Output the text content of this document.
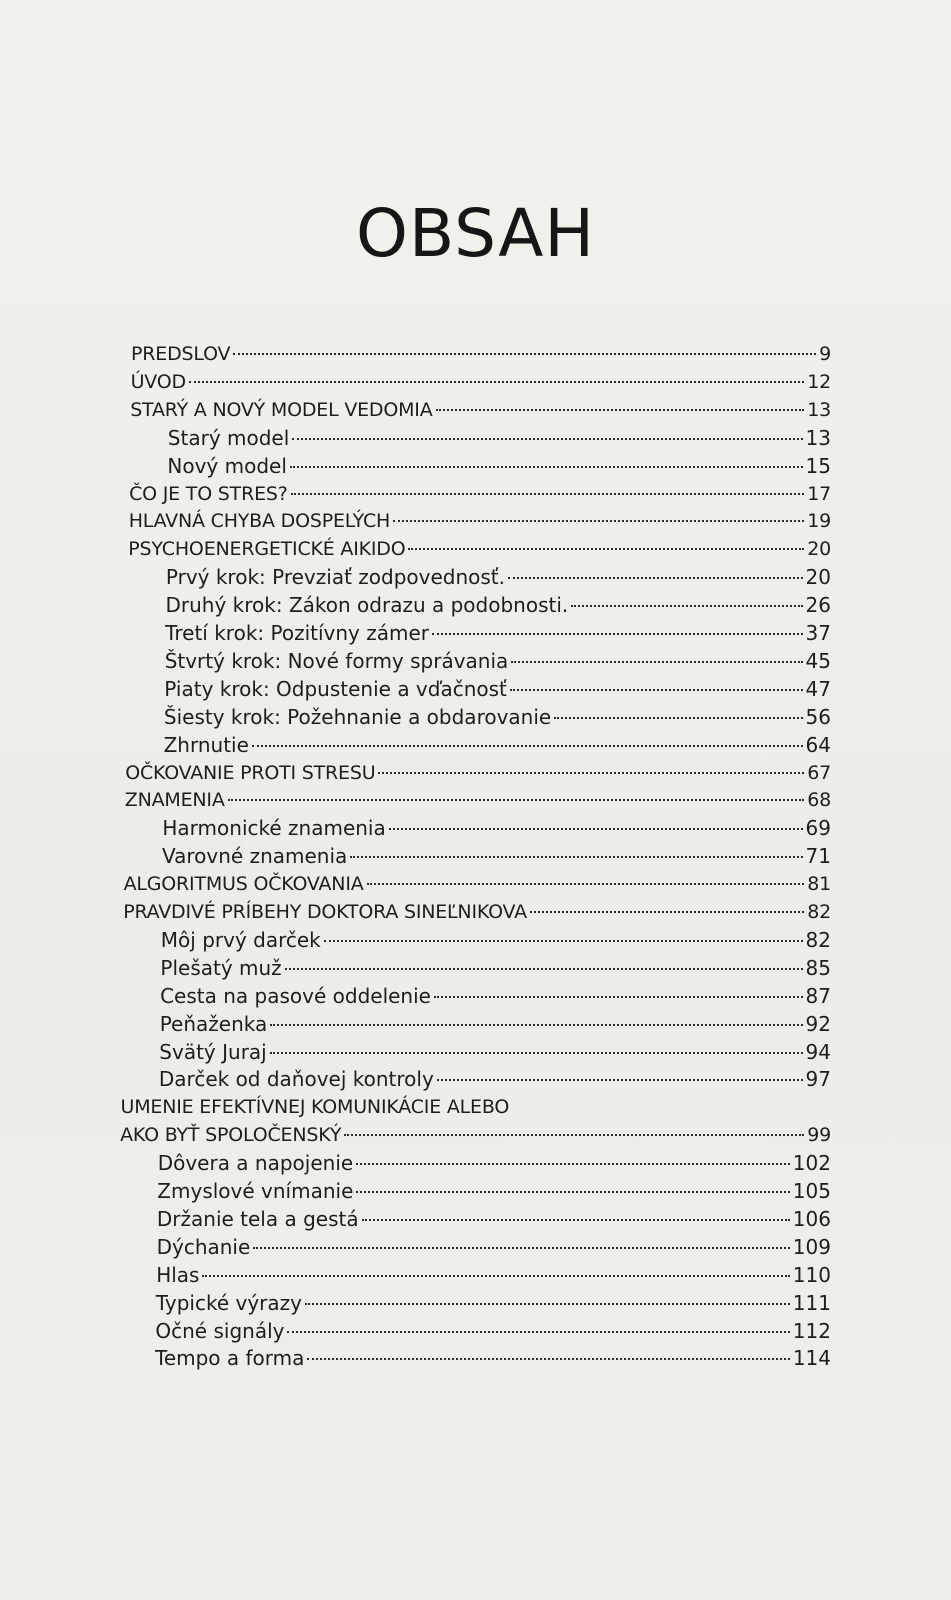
OBSAH
PREDSLOV	9
ÚVOD	12
STARÝ A NOVÝ MODEL VEDOMIA	13
Starý model	13
Nový model	15
ČO JE TO STRES?	17
HLAVNÁ CHYBA DOSPELÝCH	19
PSYCHOENERGETICKÉ AIKIDO	20
Prvý krok: Prevziať zodpovednosť.	20
Druhý krok: Zákon odrazu a podobnosti.	26
Tretí krok: Pozitívny zámer	37
Štvrtý krok: Nové formy správania	45
Piaty krok: Odpustenie a vďačnosť	47
Šiesty krok: Požehnanie a obdarovanie	56
Zhrnutie	64
OČKOVANIE PROTI STRESU	67
ZNAMENIA	68
Harmonické znamenia	69
Varovné znamenia	71
ALGORITMUS OČKOVANIA	81
PRAVDIVÉ PRÍBEHY DOKTORA SINEĽNIKOVA	82
Môj prvý darček	82
Plešatý muž	85
Cesta na pasové oddelenie	87
Peňaženka	92
Svätý Juraj	94
Darček od daňovej kontroly	97
UMENIE EFEKTÍVNEJ KOMUNIKÁCIE ALEBO
AKO BYŤ SPOLOČENSKÝ	99
Dôvera a napojenie	102
Zmyslové vnímanie	105
Držanie tela a gestá	106
Dýchanie	109
Hlas	110
Typické výrazy	111
Očné signály	112
Tempo a forma	114
